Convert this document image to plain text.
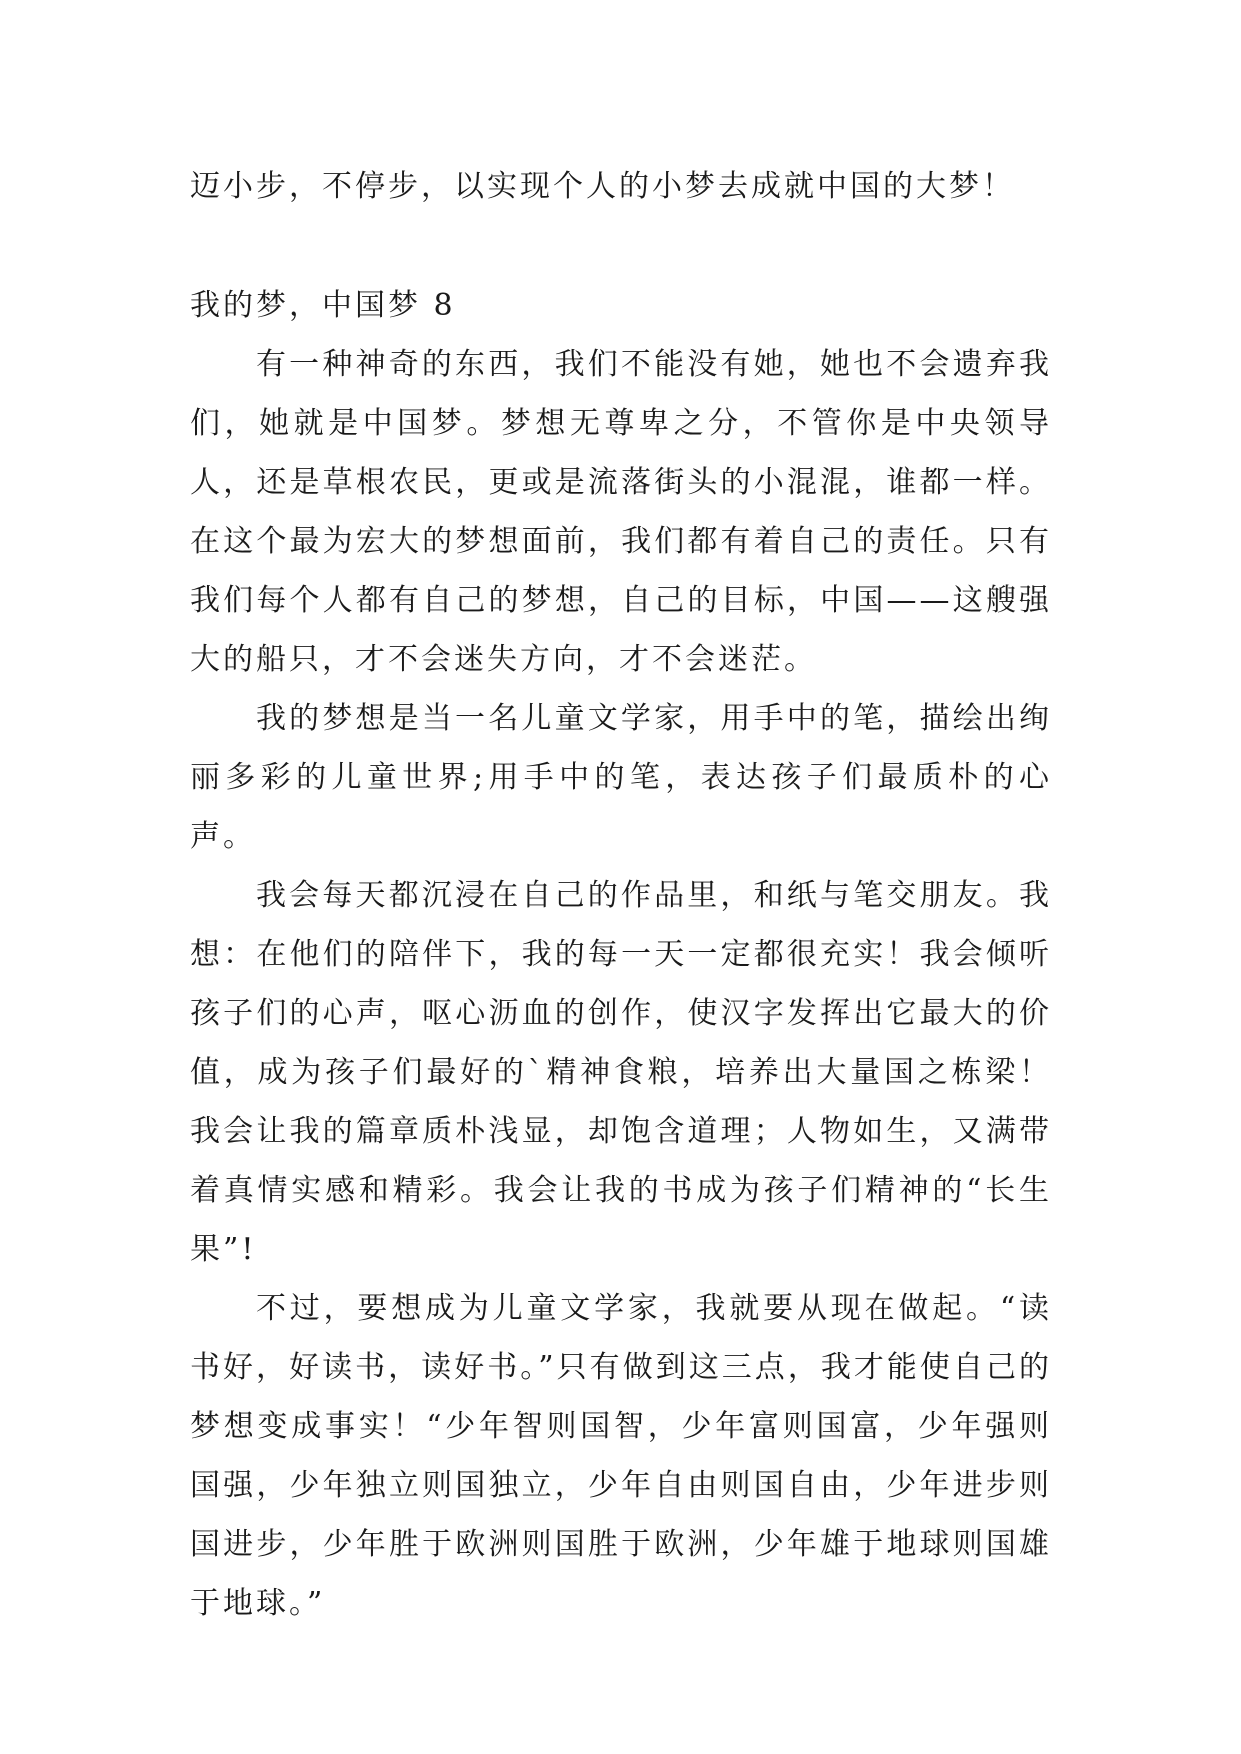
迈小步，不停步，以实现个人的小梦去成就中国的大梦！

我的梦，中国梦 8

有一种神奇的东西，我们不能没有她，她也不会遗弃我们，她就是中国梦。梦想无尊卑之分，不管你是中央领导人，还是草根农民，更或是流落街头的小混混，谁都一样。在这个最为宏大的梦想面前，我们都有着自己的责任。只有我们每个人都有自己的梦想，自己的目标，中国——这艘强大的船只，才不会迷失方向，才不会迷茫。

我的梦想是当一名儿童文学家，用手中的笔，描绘出绚丽多彩的儿童世界;用手中的笔，表达孩子们最质朴的心声。

我会每天都沉浸在自己的作品里，和纸与笔交朋友。我想：在他们的陪伴下，我的每一天一定都很充实！我会倾听孩子们的心声，呕心沥血的创作，使汉字发挥出它最大的价值，成为孩子们最好的`精神食粮，培养出大量国之栋梁！我会让我的篇章质朴浅显，却饱含道理；人物如生，又满带着真情实感和精彩。我会让我的书成为孩子们精神的“长生果”!

不过，要想成为儿童文学家，我就要从现在做起。“读书好，好读书，读好书。”只有做到这三点，我才能使自己的梦想变成事实！“少年智则国智，少年富则国富，少年强则国强，少年独立则国独立，少年自由则国自由，少年进步则国进步，少年胜于欧洲则国胜于欧洲，少年雄于地球则国雄于地球。”
